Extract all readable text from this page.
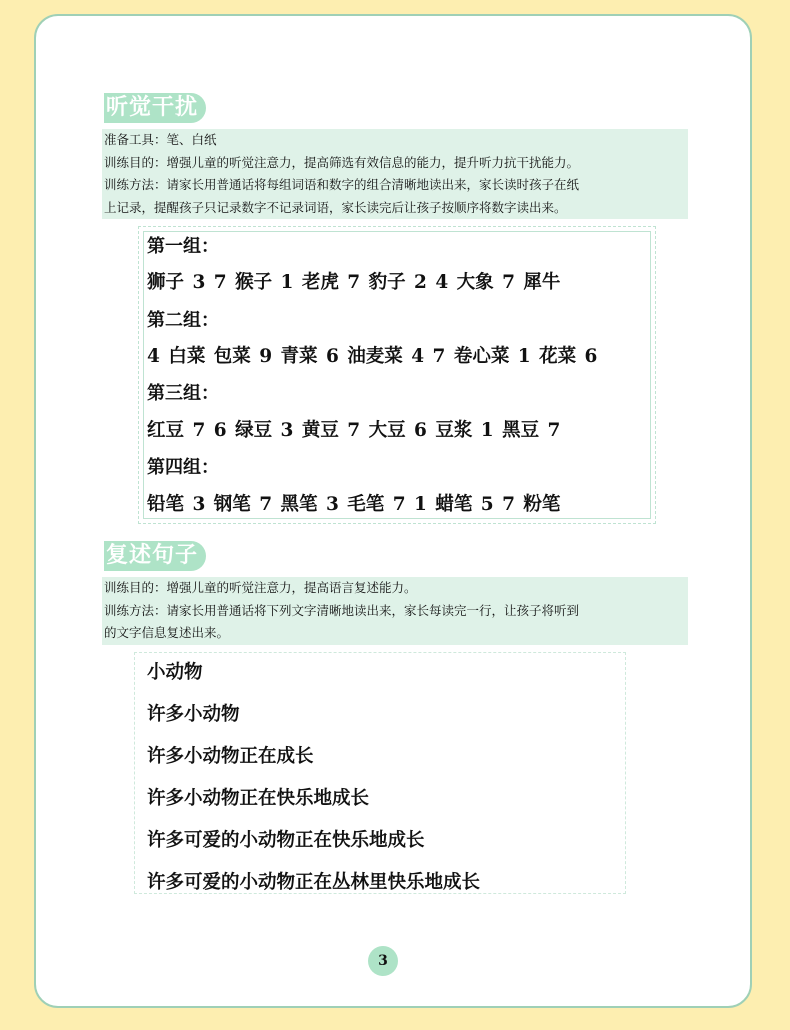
听觉干扰
准备工具：笔、白纸
训练目的：增强儿童的听觉注意力，提高筛选有效信息的能力，提升听力抗干扰能力。
训练方法：请家长用普通话将每组词语和数字的组合清晰地读出来，家长读时孩子在纸
上记录，提醒孩子只记录数字不记录词语，家长读完后让孩子按顺序将数字读出来。
第一组：
狮子 3 7 猴子 1 老虎 7 豹子 2 4 大象 7 犀牛
第二组：
4 白菜 包菜 9 青菜 6 油麦菜 4 7 卷心菜 1 花菜 6
第三组：
红豆 7 6 绿豆 3 黄豆 7 大豆 6 豆浆 1 黑豆 7
第四组：
铅笔 3 钢笔 7 黑笔 3 毛笔 7 1 蜡笔 5 7 粉笔
复述句子
训练目的：增强儿童的听觉注意力，提高语言复述能力。
训练方法：请家长用普通话将下列文字清晰地读出来，家长每读完一行，让孩子将听到
的文字信息复述出来。
小动物
许多小动物
许多小动物正在成长
许多小动物正在快乐地成长
许多可爱的小动物正在快乐地成长
许多可爱的小动物正在丛林里快乐地成长
3
